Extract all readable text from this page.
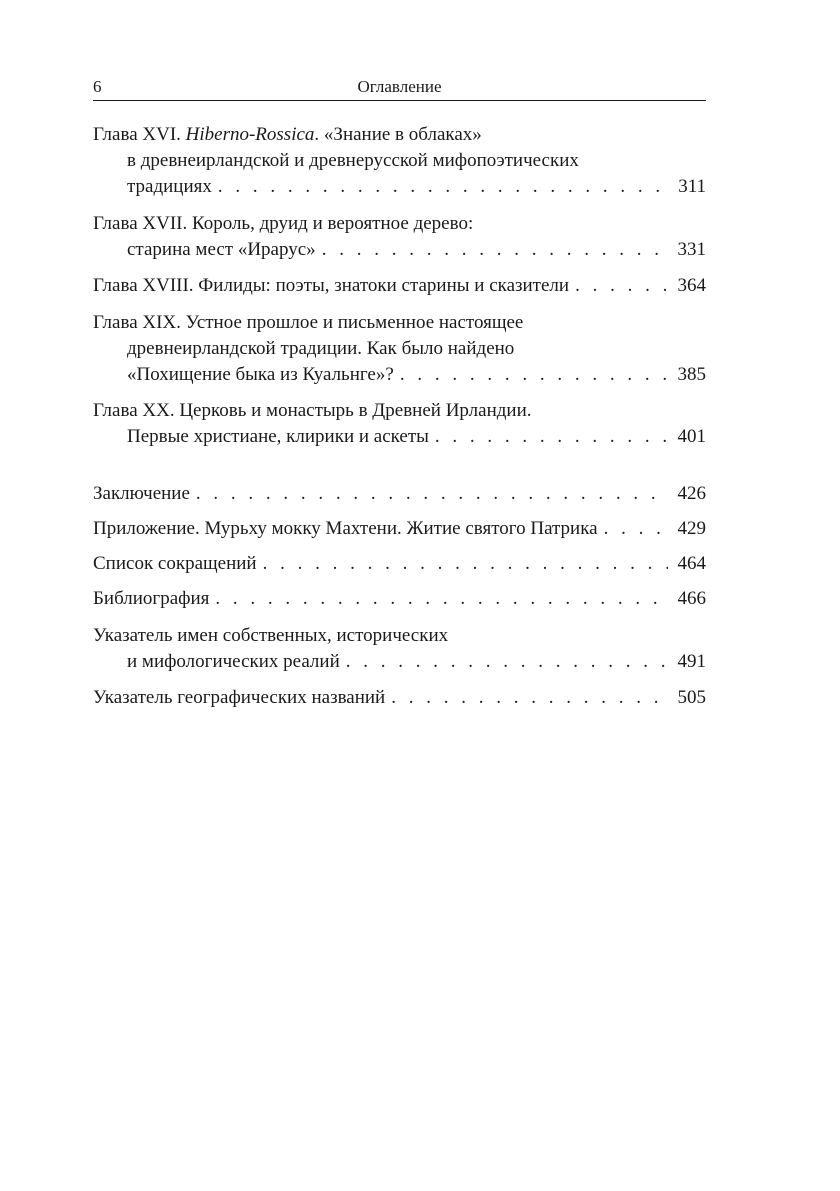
6	Оглавление
Глава XVI. Hiberno-Rossica. «Знание в облаках»
в древнеирландской и древнерусской мифопоэтических
традициях . . .	311
Глава XVII. Король, друид и вероятное дерево:
старина мест «Ирарус» . . .	331
Глава XVIII. Филиды: поэты, знатоки старины и сказители . . .	364
Глава XIX. Устное прошлое и письменное настоящее
древнеирландской традиции. Как было найдено
«Похищение быка из Куальнге»? . . .	385
Глава XX. Церковь и монастырь в Древней Ирландии.
Первые христиане, клирики и аскеты . . .	401
Заключение . . .	426
Приложение. Мурьху мокку Махтени. Житие святого Патрика . . .	429
Список сокращений . . .	464
Библиография . . .	466
Указатель имен собственных, исторических
и мифологических реалий . . .	491
Указатель географических названий . . .	505
